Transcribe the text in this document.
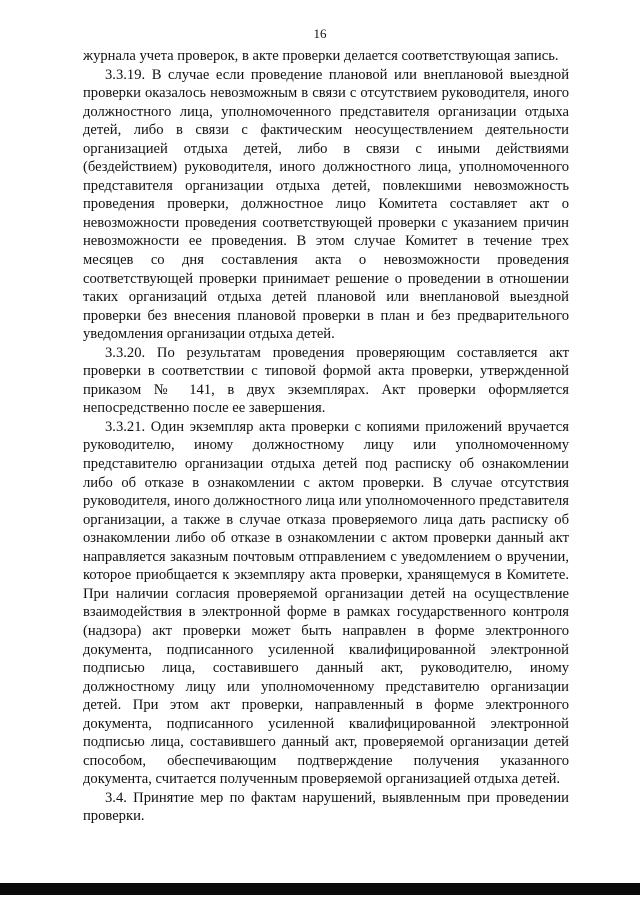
16

журнала учета проверок, в акте проверки делается соответствующая запись.

3.3.19. В случае если проведение плановой или внеплановой выездной проверки оказалось невозможным в связи с отсутствием руководителя, иного должностного лица, уполномоченного представителя организации отдыха детей, либо в связи с фактическим неосуществлением деятельности организацией отдыха детей, либо в связи с иными действиями (бездействием) руководителя, иного должностного лица, уполномоченного представителя организации отдыха детей, повлекшими невозможность проведения проверки, должностное лицо Комитета составляет акт о невозможности проведения соответствующей проверки с указанием причин невозможности ее проведения. В этом случае Комитет в течение трех месяцев со дня составления акта о невозможности проведения соответствующей проверки принимает решение о проведении в отношении таких организаций отдыха детей плановой или внеплановой выездной проверки без внесения плановой проверки в план и без предварительного уведомления организации отдыха детей.

3.3.20. По результатам проведения проверяющим составляется акт проверки в соответствии с типовой формой акта проверки, утвержденной приказом № 141, в двух экземплярах. Акт проверки оформляется непосредственно после ее завершения.

3.3.21. Один экземпляр акта проверки с копиями приложений вручается руководителю, иному должностному лицу или уполномоченному представителю организации отдыха детей под расписку об ознакомлении либо об отказе в ознакомлении с актом проверки. В случае отсутствия руководителя, иного должностного лица или уполномоченного представителя организации, а также в случае отказа проверяемого лица дать расписку об ознакомлении либо об отказе в ознакомлении с актом проверки данный акт направляется заказным почтовым отправлением с уведомлением о вручении, которое приобщается к экземпляру акта проверки, хранящемуся в Комитете. При наличии согласия проверяемой организации детей на осуществление взаимодействия в электронной форме в рамках государственного контроля (надзора) акт проверки может быть направлен в форме электронного документа, подписанного усиленной квалифицированной электронной подписью лица, составившего данный акт, руководителю, иному должностному лицу или уполномоченному представителю организации детей. При этом акт проверки, направленный в форме электронного документа, подписанного усиленной квалифицированной электронной подписью лица, составившего данный акт, проверяемой организации детей способом, обеспечивающим подтверждение получения указанного документа, считается полученным проверяемой организацией отдыха детей.

3.4. Принятие мер по фактам нарушений, выявленным при проведении проверки.
